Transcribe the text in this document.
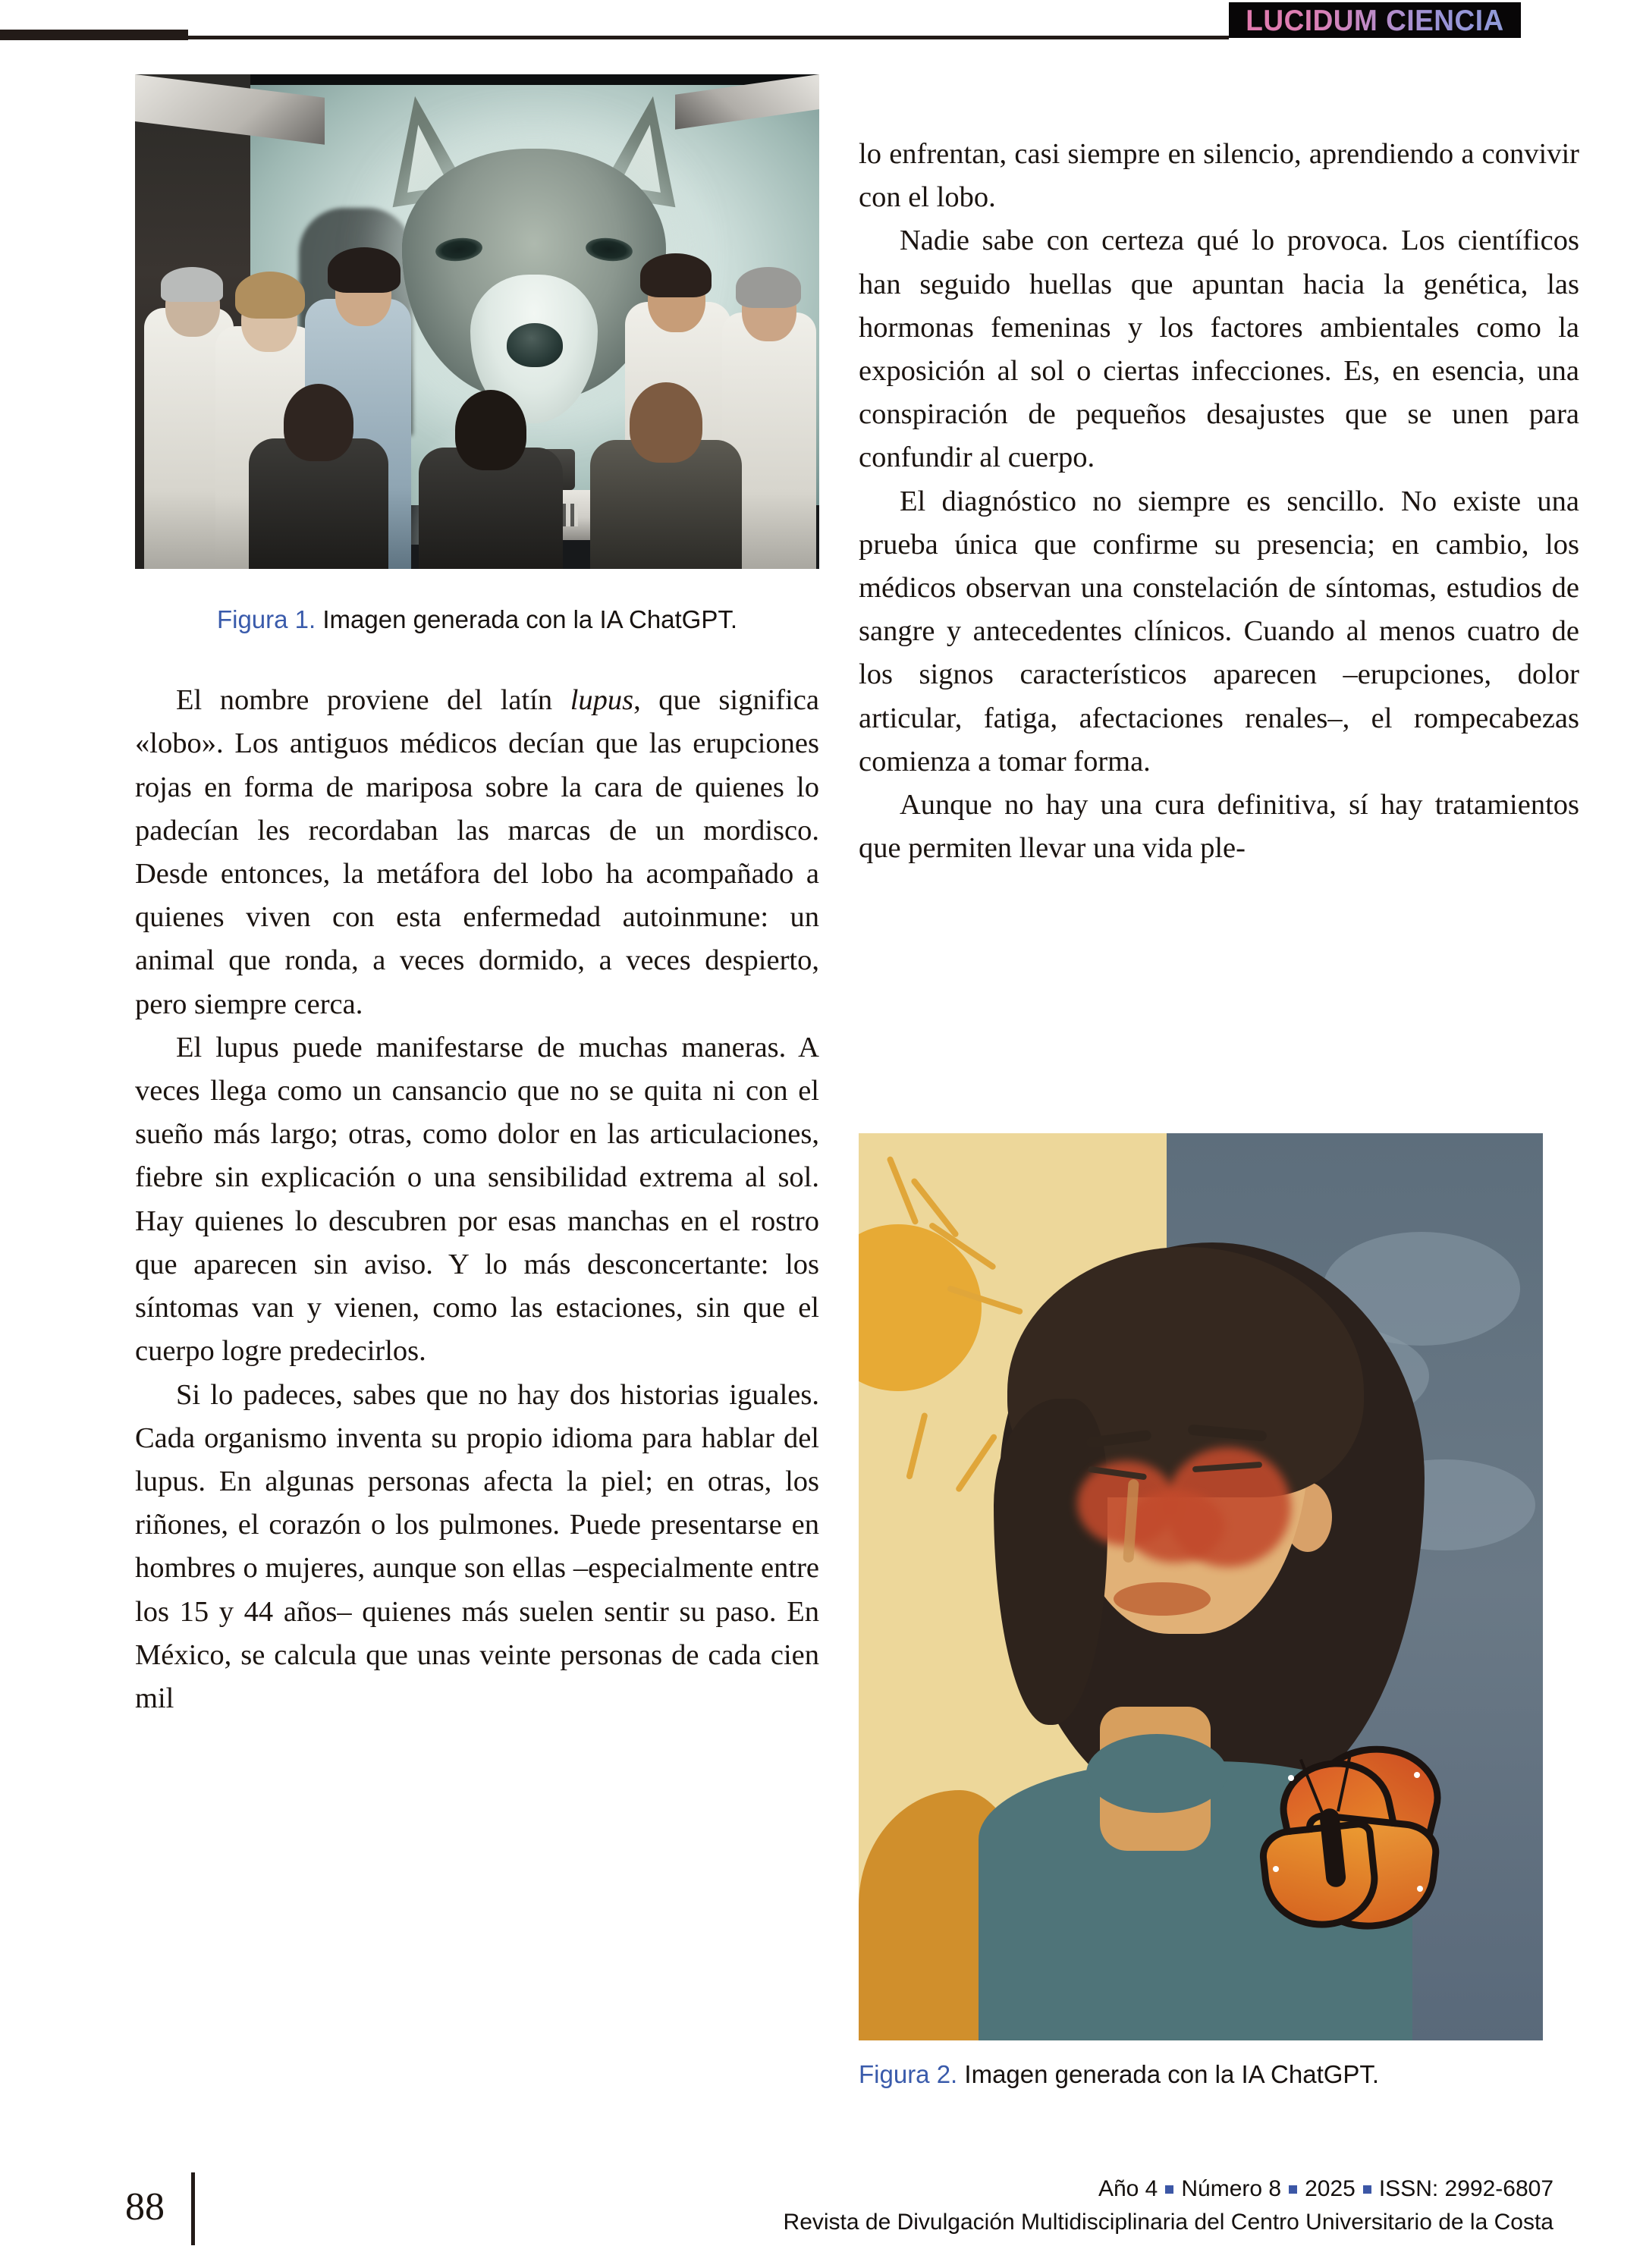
LUCIDUM CIENCIA
Figura 1. Imagen generada con la IA ChatGPT.

El nombre proviene del latín lupus, que significa «lobo». Los antiguos médicos decían que las erupciones rojas en forma de mariposa sobre la cara de quienes lo padecían les recordaban las marcas de un mordisco. Desde entonces, la metáfora del lobo ha acompañado a quienes viven con esta enfermedad autoinmune: un animal que ronda, a veces dormido, a veces despierto, pero siempre cerca.

El lupus puede manifestarse de muchas maneras. A veces llega como un cansancio que no se quita ni con el sueño más largo; otras, como dolor en las articulaciones, fiebre sin explicación o una sensibilidad extrema al sol. Hay quienes lo descubren por esas manchas en el rostro que aparecen sin aviso. Y lo más desconcertante: los síntomas van y vienen, como las estaciones, sin que el cuerpo logre predecirlos.

Si lo padeces, sabes que no hay dos historias iguales. Cada organismo inventa su propio idioma para hablar del lupus. En algunas personas afecta la piel; en otras, los riñones, el corazón o los pulmones. Puede presentarse en hombres o mujeres, aunque son ellas –especialmente entre los 15 y 44 años– quienes más suelen sentir su paso. En México, se calcula que unas veinte personas de cada cien mil

lo enfrentan, casi siempre en silencio, aprendiendo a convivir con el lobo.

Nadie sabe con certeza qué lo provoca. Los científicos han seguido huellas que apuntan hacia la genética, las hormonas femeninas y los factores ambientales como la exposición al sol o ciertas infecciones. Es, en esencia, una conspiración de pequeños desajustes que se unen para confundir al cuerpo.

El diagnóstico no siempre es sencillo. No existe una prueba única que confirme su presencia; en cambio, los médicos observan una constelación de síntomas, estudios de sangre y antecedentes clínicos. Cuando al menos cuatro de los signos característicos aparecen –erupciones, dolor articular, fatiga, afectaciones renales–, el rompecabezas comienza a tomar forma.

Aunque no hay una cura definitiva, sí hay tratamientos que permiten llevar una vida ple-

Figura 2. Imagen generada con la IA ChatGPT.
88	Año 4 Número 8 2025 ISSN: 2992-6807
Revista de Divulgación Multidisciplinaria del Centro Universitario de la Costa
